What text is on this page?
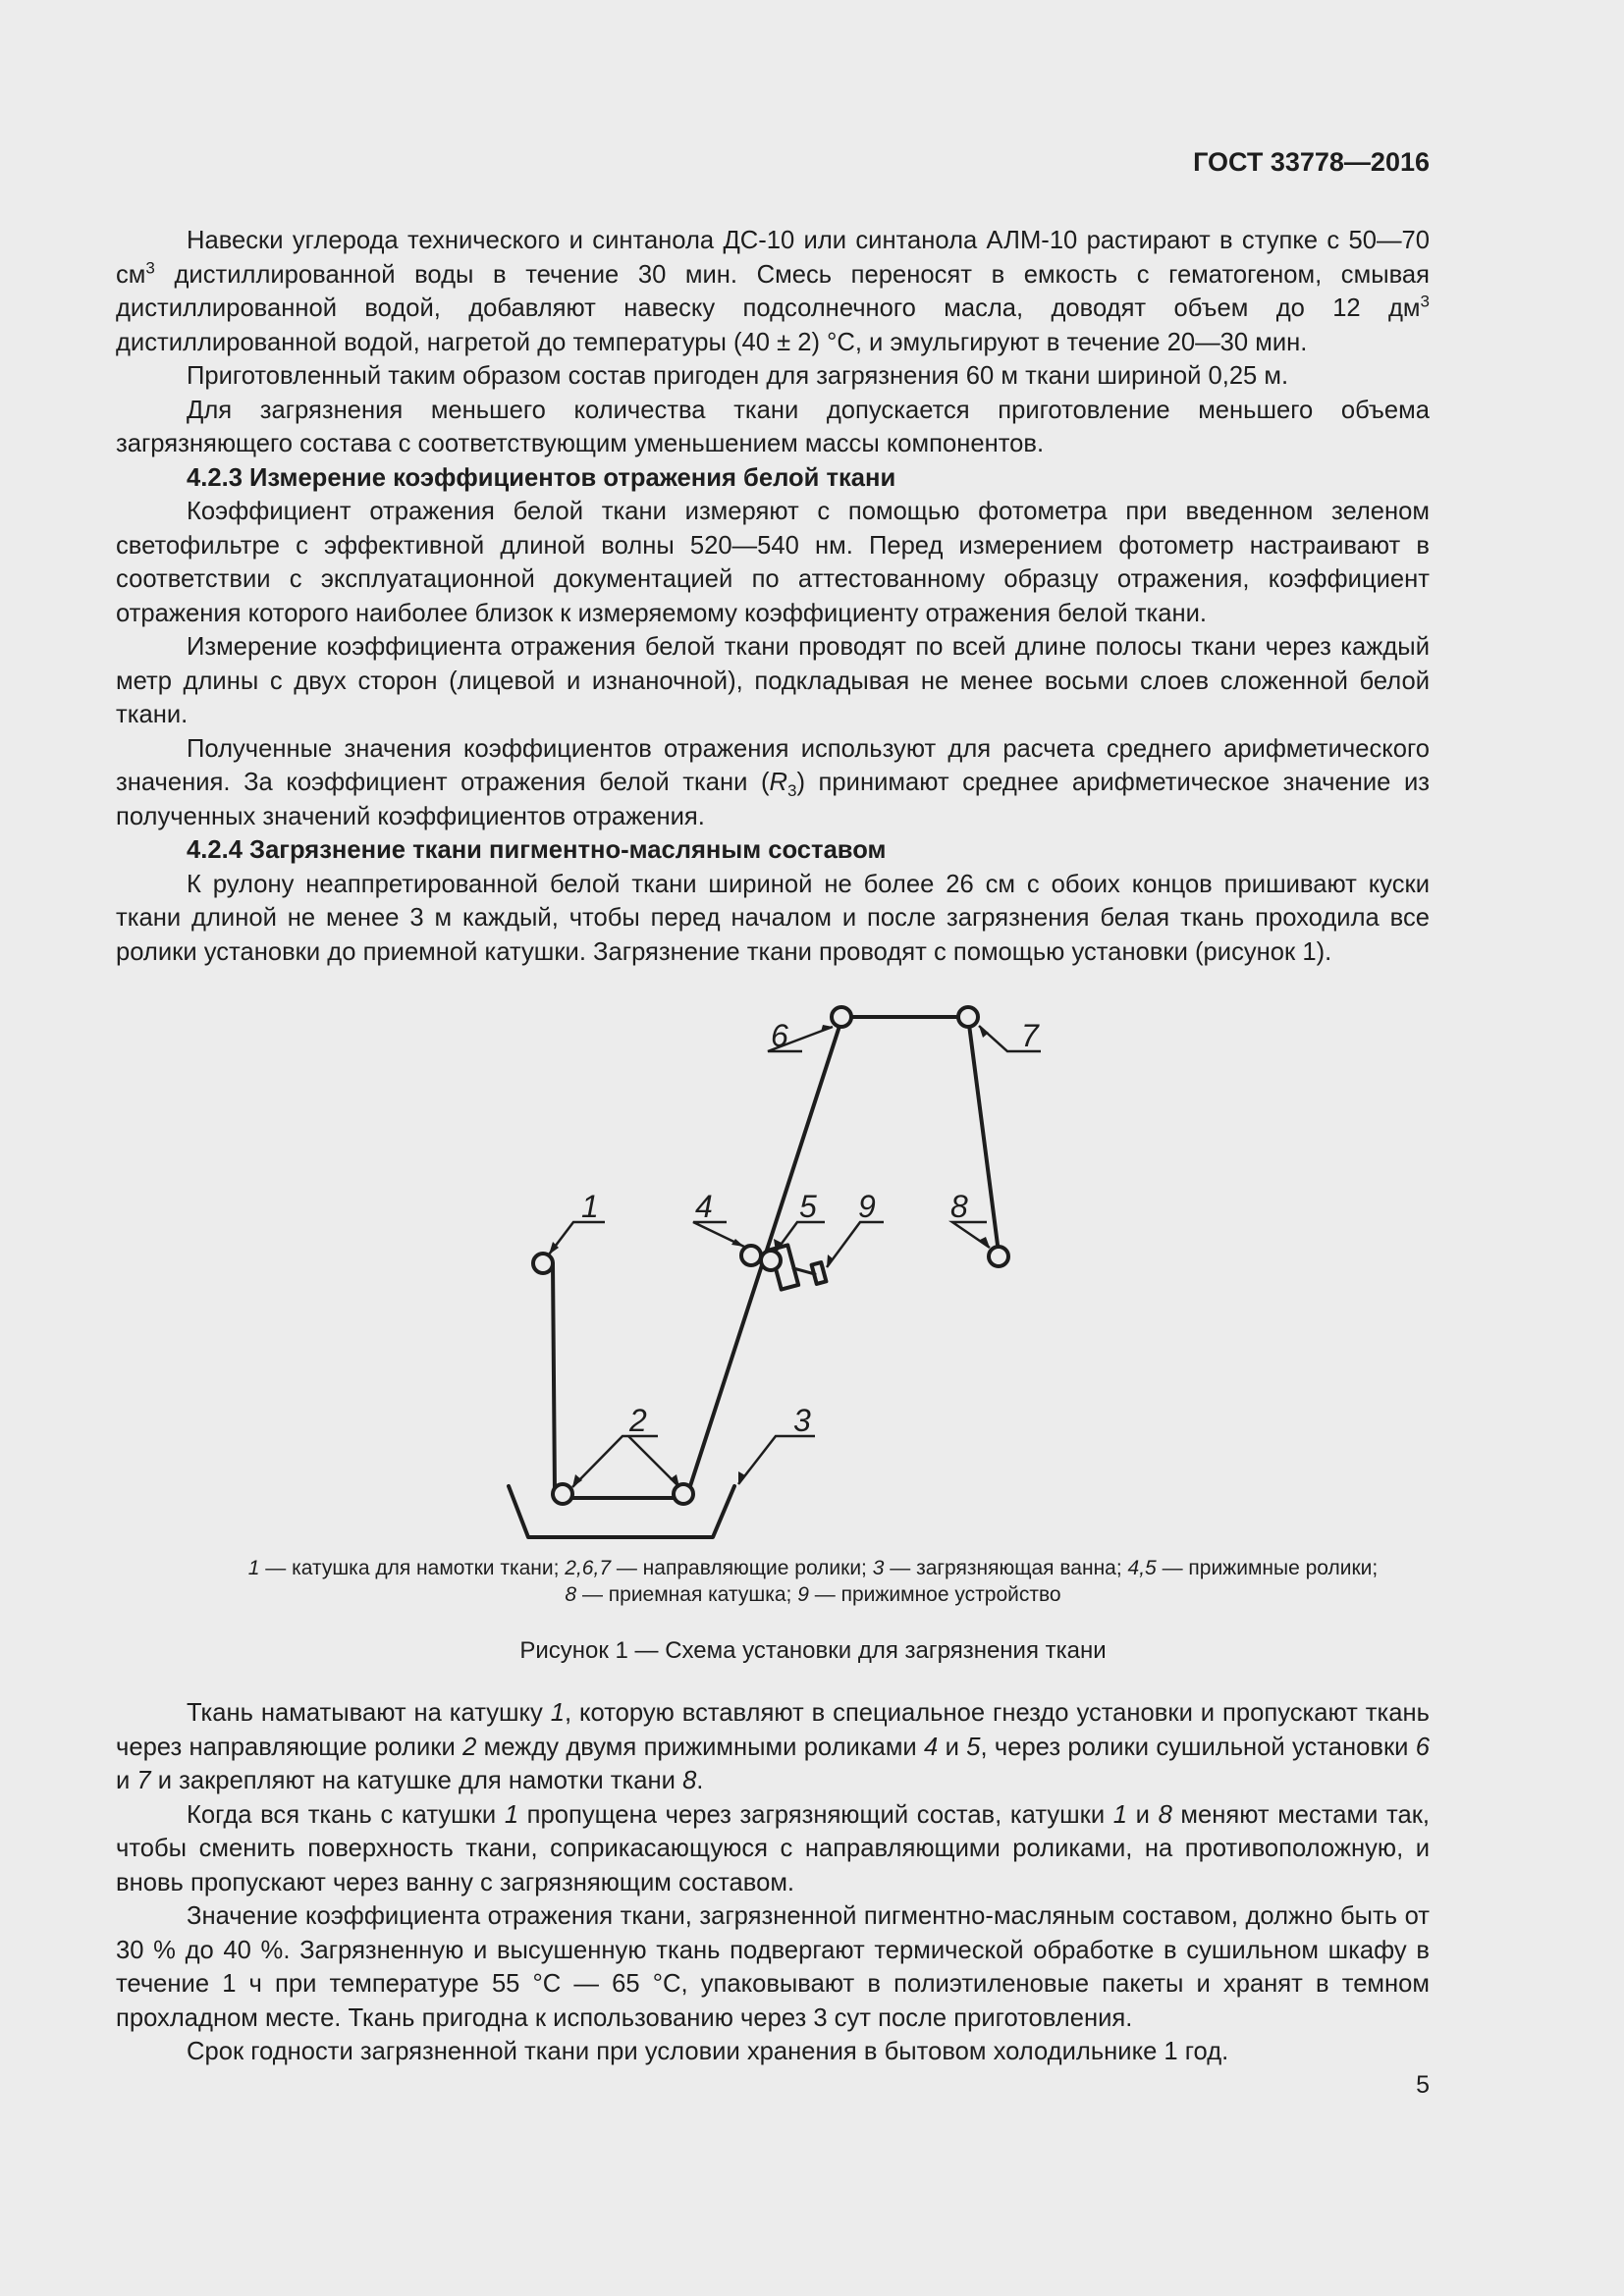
ГОСТ 33778—2016

Навески углерода технического и синтанола ДС-10 или синтанола АЛМ-10 растирают в ступке с 50—70 $см^3$ дистиллированной воды в течение 30 мин. Смесь переносят в емкость с гематогеном, смывая дистиллированной водой, добавляют навеску подсолнечного масла, доводят объем до 12 $дм^3$ дистиллированной водой, нагретой до температуры (40 ± 2) °С, и эмульгируют в течение 20—30 мин.

Приготовленный таким образом состав пригоден для загрязнения 60 м ткани шириной 0,25 м.

Для загрязнения меньшего количества ткани допускается приготовление меньшего объема загрязняющего состава с соответствующим уменьшением массы компонентов.

4.2.3 Измерение коэффициентов отражения белой ткани

Коэффициент отражения белой ткани измеряют с помощью фотометра при введенном зеленом светофильтре с эффективной длиной волны 520—540 нм. Перед измерением фотометр настраивают в соответствии с эксплуатационной документацией по аттестованному образцу отражения, коэффициент отражения которого наиболее близок к измеряемому коэффициенту отражения белой ткани.

Измерение коэффициента отражения белой ткани проводят по всей длине полосы ткани через каждый метр длины с двух сторон (лицевой и изнаночной), подкладывая не менее восьми слоев сложенной белой ткани.

Полученные значения коэффициентов отражения используют для расчета среднего арифметического значения. За коэффициент отражения белой ткани $(R_3)$ принимают среднее арифметическое значение из полученных значений коэффициентов отражения.

4.2.4 Загрязнение ткани пигментно-масляным составом

К рулону неаппретированной белой ткани шириной не более 26 см с обоих концов пришивают куски ткани длиной не менее 3 м каждый, чтобы перед началом и после загрязнения белая ткань проходила все ролики установки до приемной катушки. Загрязнение ткани проводят с помощью установки (рисунок 1).

1
2	3
4	5
6	7
8
9
1 — катушка для намотки ткани; 2,6,7 — направляющие ролики; 3 — загрязняющая ванна; 4,5 — прижимные ролики;
8 — приемная катушка; 9 — прижимное устройство
Рисунок 1 — Схема установки для загрязнения ткани

Ткань наматывают на катушку 1, которую вставляют в специальное гнездо установки и пропускают ткань через направляющие ролики 2 между двумя прижимными роликами 4 и 5, через ролики сушильной установки 6 и 7 и закрепляют на катушке для намотки ткани 8.

Когда вся ткань с катушки 1 пропущена через загрязняющий состав, катушки 1 и 8 меняют местами так, чтобы сменить поверхность ткани, соприкасающуюся с направляющими роликами, на противоположную, и вновь пропускают через ванну с загрязняющим составом.

Значение коэффициента отражения ткани, загрязненной пигментно-масляным составом, должно быть от 30 % до 40 %. Загрязненную и высушенную ткань подвергают термической обработке в сушильном шкафу в течение 1 ч при температуре 55 °С — 65 °С, упаковывают в полиэтиленовые пакеты и хранят в темном прохладном месте. Ткань пригодна к использованию через 3 сут после приготовления.

Срок годности загрязненной ткани при условии хранения в бытовом холодильнике 1 год.

5
